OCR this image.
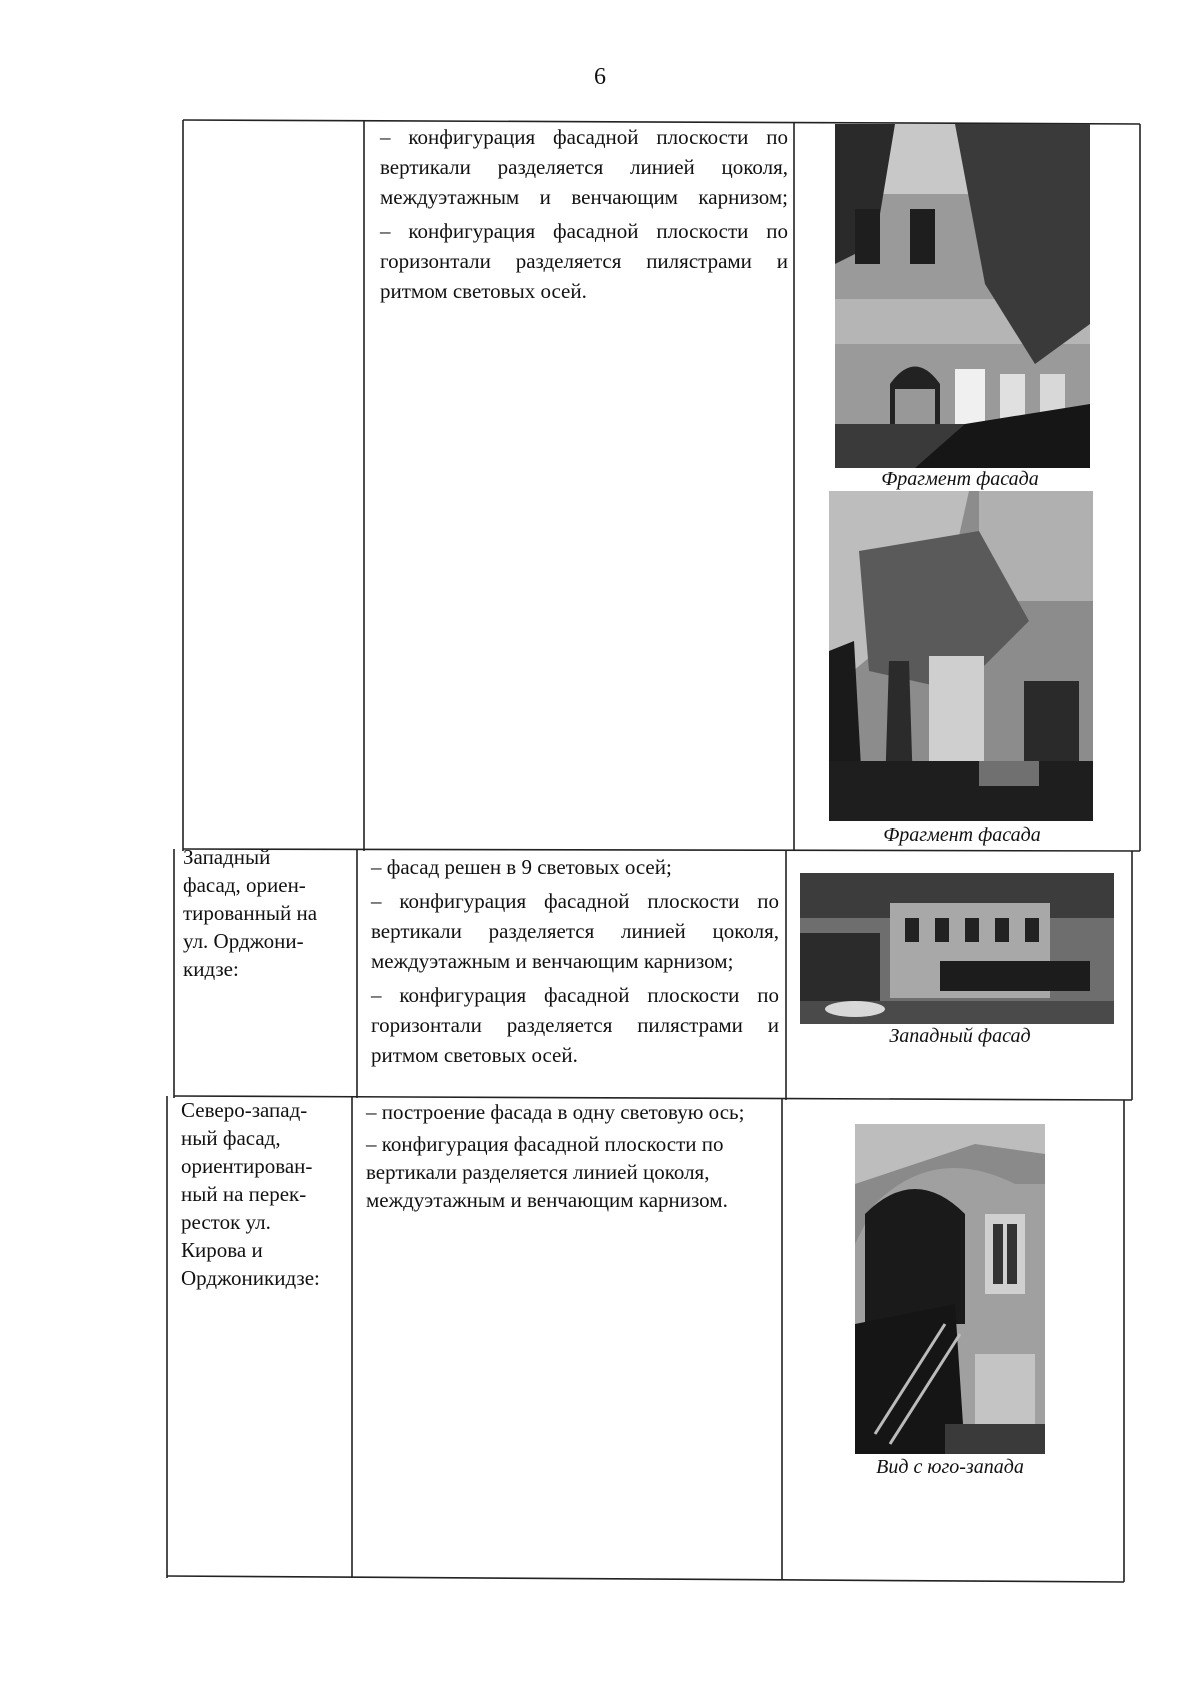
6

– конфигурация фасадной плоскости по вертикали разделяется линией цоколя, междуэтажным и венчающим карнизом;

– конфигурация фасадной плоскости по горизонтали разделяется пилястрами и ритмом световых осей.

Фрагмент фасада
Фрагмент фасада
Западный
фасад, ориен-
тированный на
ул. Орджони-
кидзе:

– фасад решен в 9 световых осей;

– конфигурация фасадной плоскости по вертикали разделяется линией цоколя, междуэтажным и венчающим карнизом;

– конфигурация фасадной плоскости по горизонтали разделяется пилястрами и ритмом световых осей.

Западный фасад
Северо-запад-
ный фасад,
ориентирован-
ный на перек-
ресток ул.
Кирова и
Орджоникидзе:

– построение фасада в одну световую ось;

– конфигурация фасадной плоскости по вертикали разделяется линией цоколя, междуэтажным и венчающим карнизом.

Вид с юго-запада
